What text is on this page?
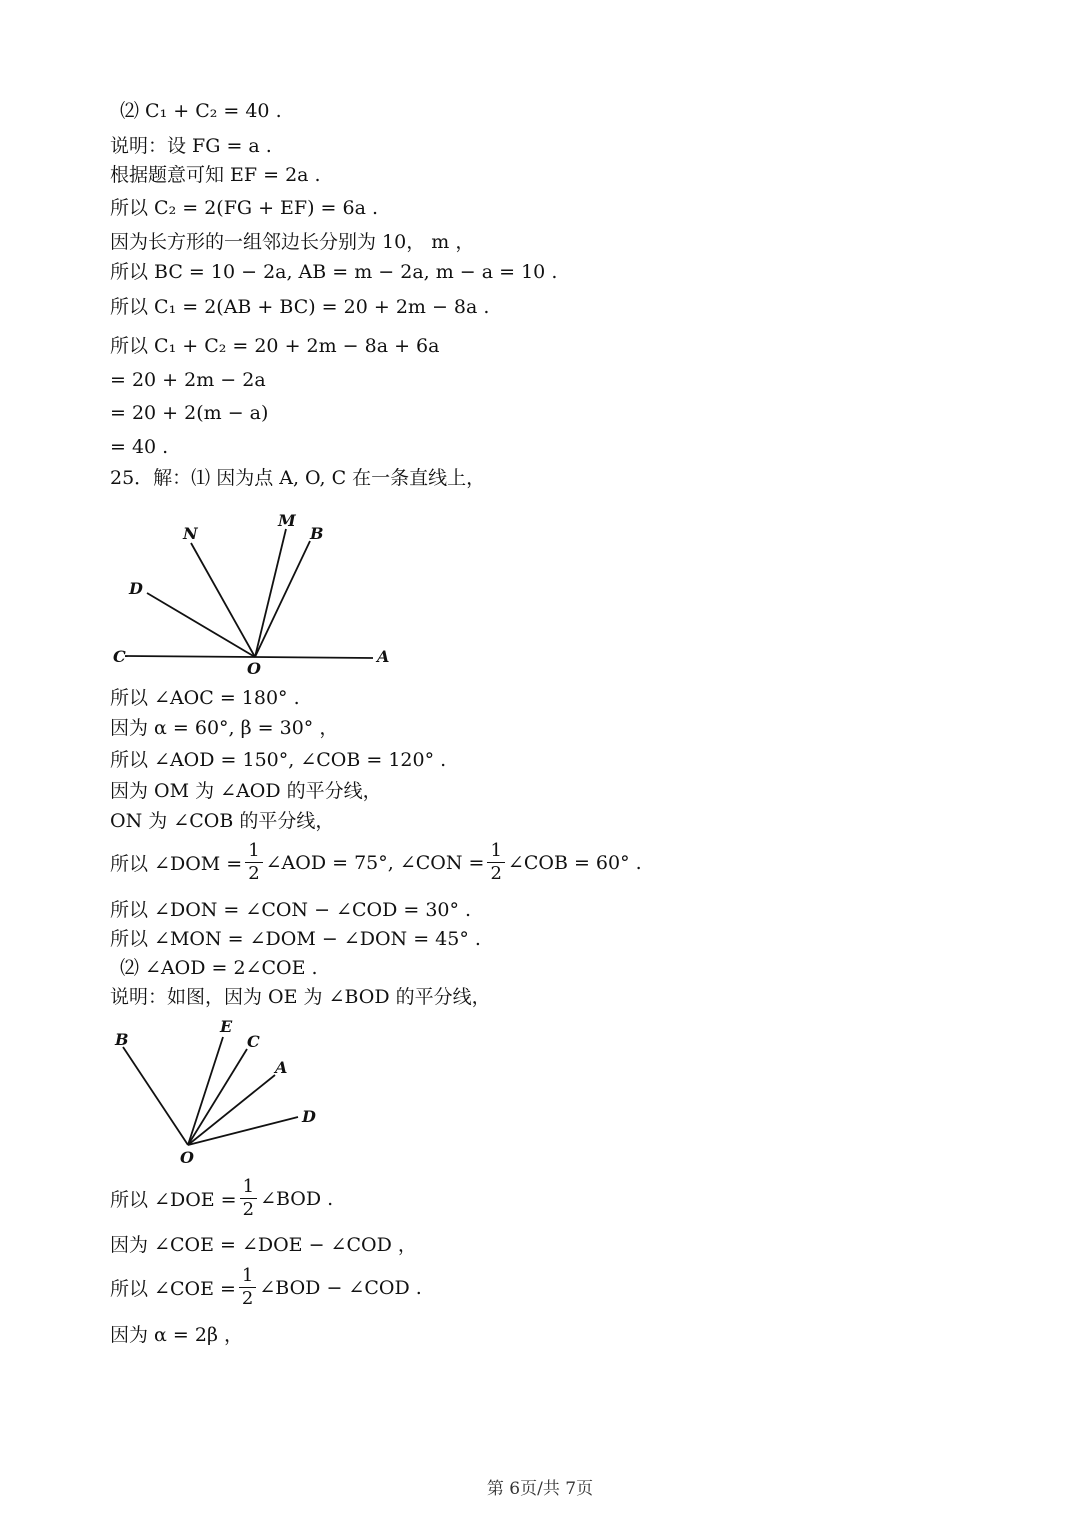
⑵ C₁ + C₂ = 40 .
说明：设 FG = a .
根据题意可知 EF = 2a .
所以 C₂ = 2(FG + EF) = 6a .
因为长方形的一组邻边长分别为 10， m ，
所以 BC = 10 − 2a, AB = m − 2a, m − a = 10 .
所以 C₁ = 2(AB + BC) = 20 + 2m − 8a .
所以 C₁ + C₂ = 20 + 2m − 8a + 6a
= 20 + 2m − 2a
= 20 + 2(m − a)
= 40 .
25．解：⑴ 因为点 A, O, C 在一条直线上，
N
M
B
D
C
O
A
所以 ∠AOC = 180° .
因为 α = 60°, β = 30° ，
所以 ∠AOD = 150°, ∠COB = 120° .
因为 OM 为 ∠AOD 的平分线，
ON 为 ∠COB 的平分线，
所以 ∠DOM = $\frac{1}{2}$ ∠AOD = 75°, ∠CON = $\frac{1}{2}$ ∠COB = 60° .
所以 ∠DON = ∠CON − ∠COD = 30° .
所以 ∠MON = ∠DOM − ∠DON = 45° .
⑵ ∠AOD = 2∠COE .
说明：如图，因为 OE 为 ∠BOD 的平分线，
B
E
C
A
D
O
所以 ∠DOE = $\frac{1}{2}$ ∠BOD .
因为 ∠COE = ∠DOE − ∠COD ，
所以 ∠COE = $\frac{1}{2}$ ∠BOD − ∠COD .
因为 α = 2β ，
第 6页/共 7页
